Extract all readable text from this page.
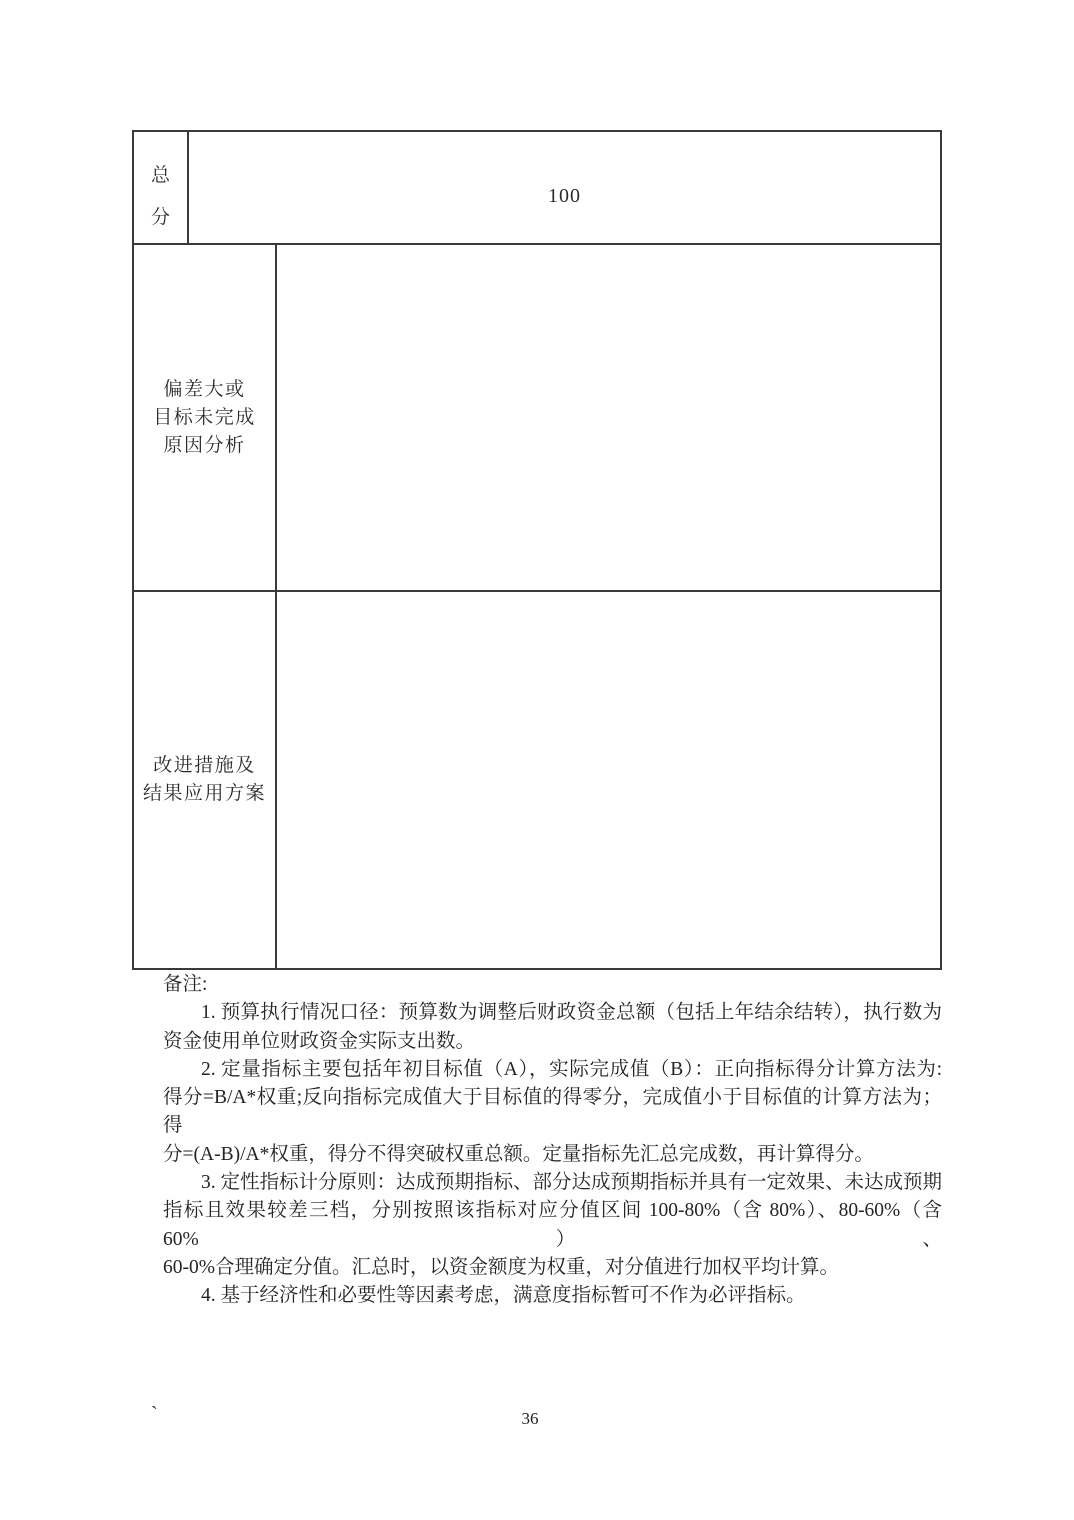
总
分
100
偏差大或
目标未完成
原因分析
改进措施及
结果应用方案
备注:
1. 预算执行情况口径：预算数为调整后财政资金总额（包括上年结余结转），执行数为
资金使用单位财政资金实际支出数。
2. 定量指标主要包括年初目标值（A），实际完成值（B）：正向指标得分计算方法为:
得分=B/A*权重;反向指标完成值大于目标值的得零分，完成值小于目标值的计算方法为；得
分=(A-B)/A*权重，得分不得突破权重总额。定量指标先汇总完成数，再计算得分。
3. 定性指标计分原则：达成预期指标、部分达成预期指标并具有一定效果、未达成预期
指标且效果较差三档，分别按照该指标对应分值区间 100-80%（含 80%）、80-60%（含 60%）、
60-0%合理确定分值。汇总时，以资金额度为权重，对分值进行加权平均计算。
4. 基于经济性和必要性等因素考虑，满意度指标暂可不作为必评指标。
`	36
